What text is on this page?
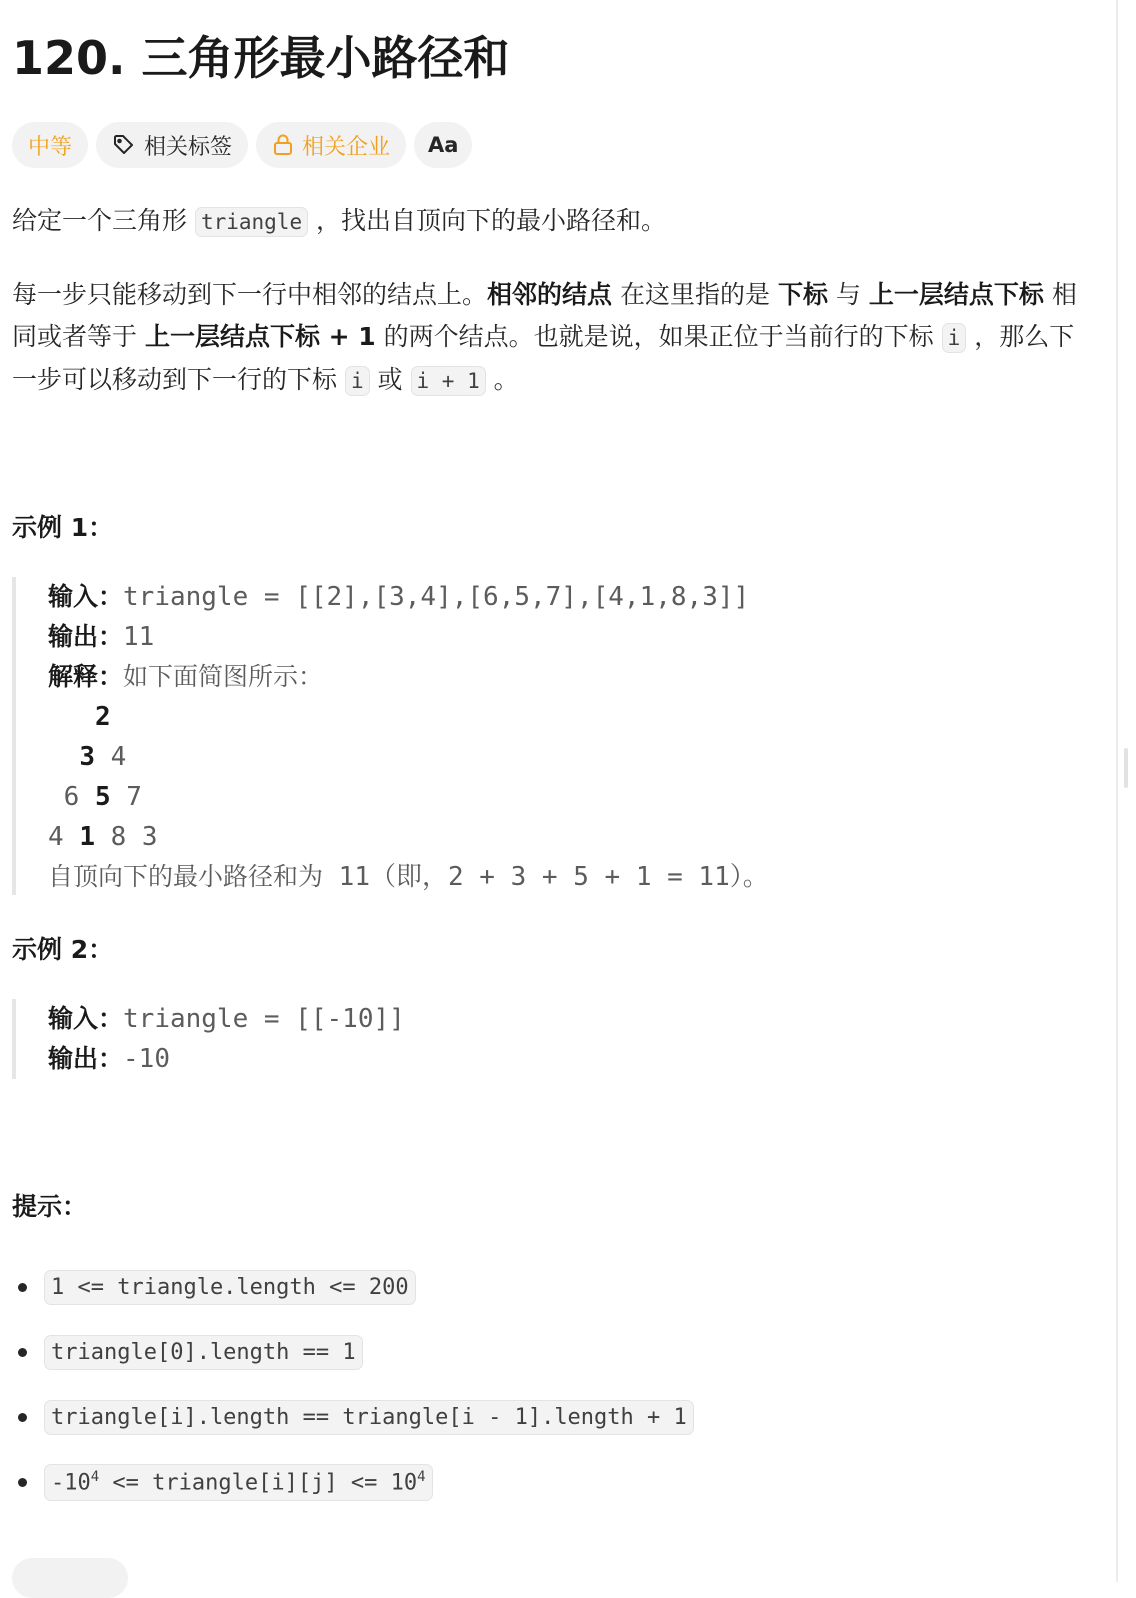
120. 三角形最小路径和
中等	相关标签	相关企业 Aa

给定一个三角形 triangle ，找出自顶向下的最小路径和。

每一步只能移动到下一行中相邻的结点上。相邻的结点 在这里指的是 下标 与 上一层结点下标 相同或者等于 上一层结点下标 + 1 的两个结点。也就是说，如果正位于当前行的下标 i ，那么下一步可以移动到下一行的下标 i 或 i + 1 。

示例 1：
输入：triangle = [[2],[3,4],[6,5,7],[4,1,8,3]]
输出：11
解释：如下面简图所示：
2
3 4
6 5 7
4 1 8 3
自顶向下的最小路径和为 11（即，2 + 3 + 5 + 1 = 11）。
示例 2：
输入：triangle = [[-10]]
输出：-10
提示：
1 <= triangle.length <= 200
triangle[0].length == 1
triangle[i].length == triangle[i - 1].length + 1
$-10^4$ <= triangle[i][j] <= $10^4$
